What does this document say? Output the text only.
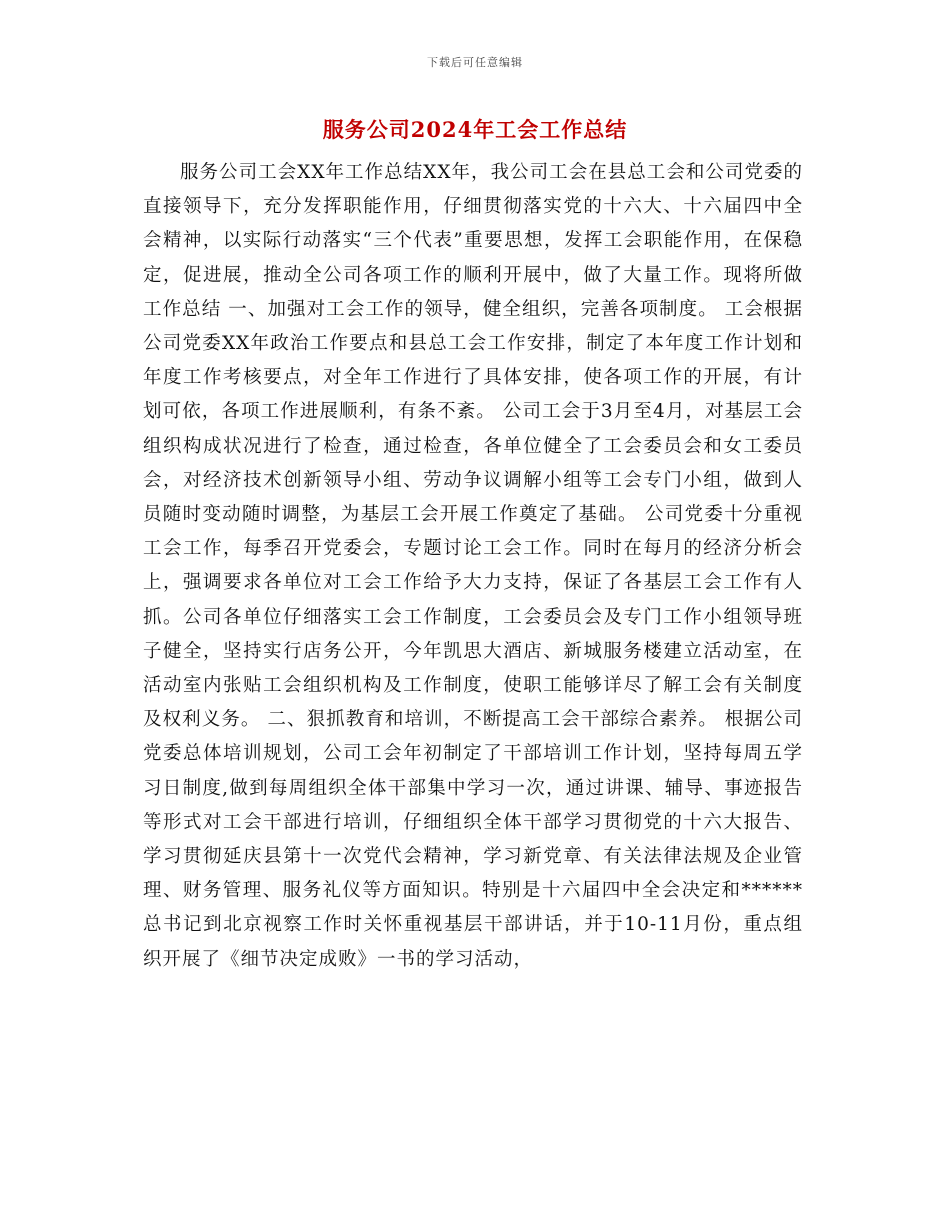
下载后可任意编辑
服务公司2024年工会工作总结
服务公司工会XX年工作总结XX年，我公司工会在县总工会和公司党委的直接领导下，充分发挥职能作用，仔细贯彻落实党的十六大、十六届四中全会精神，以实际行动落实“三个代表”重要思想，发挥工会职能作用，在保稳定，促进展，推动全公司各项工作的顺利开展中，做了大量工作。现将所做工作总结 一、加强对工会工作的领导，健全组织，完善各项制度。 工会根据公司党委XX年政治工作要点和县总工会工作安排，制定了本年度工作计划和年度工作考核要点，对全年工作进行了具体安排，使各项工作的开展，有计划可依，各项工作进展顺利，有条不紊。 公司工会于3月至4月，对基层工会组织构成状况进行了检查，通过检查，各单位健全了工会委员会和女工委员会，对经济技术创新领导小组、劳动争议调解小组等工会专门小组，做到人员随时变动随时调整，为基层工会开展工作奠定了基础。 公司党委十分重视工会工作，每季召开党委会，专题讨论工会工作。同时在每月的经济分析会上，强调要求各单位对工会工作给予大力支持，保证了各基层工会工作有人抓。公司各单位仔细落实工会工作制度，工会委员会及专门工作小组领导班子健全，坚持实行店务公开，今年凯思大酒店、新城服务楼建立活动室，在活动室内张贴工会组织机构及工作制度，使职工能够详尽了解工会有关制度及权利义务。 二、狠抓教育和培训，不断提高工会干部综合素养。 根据公司党委总体培训规划，公司工会年初制定了干部培训工作计划，坚持每周五学习日制度,做到每周组织全体干部集中学习一次，通过讲课、辅导、事迹报告等形式对工会干部进行培训，仔细组织全体干部学习贯彻党的十六大报告、学习贯彻延庆县第十一次党代会精神，学习新党章、有关法律法规及企业管理、财务管理、服务礼仪等方面知识。特别是十六届四中全会决定和******总书记到北京视察工作时关怀重视基层干部讲话，并于10-11月份，重点组织开展了《细节决定成败》一书的学习活动，
